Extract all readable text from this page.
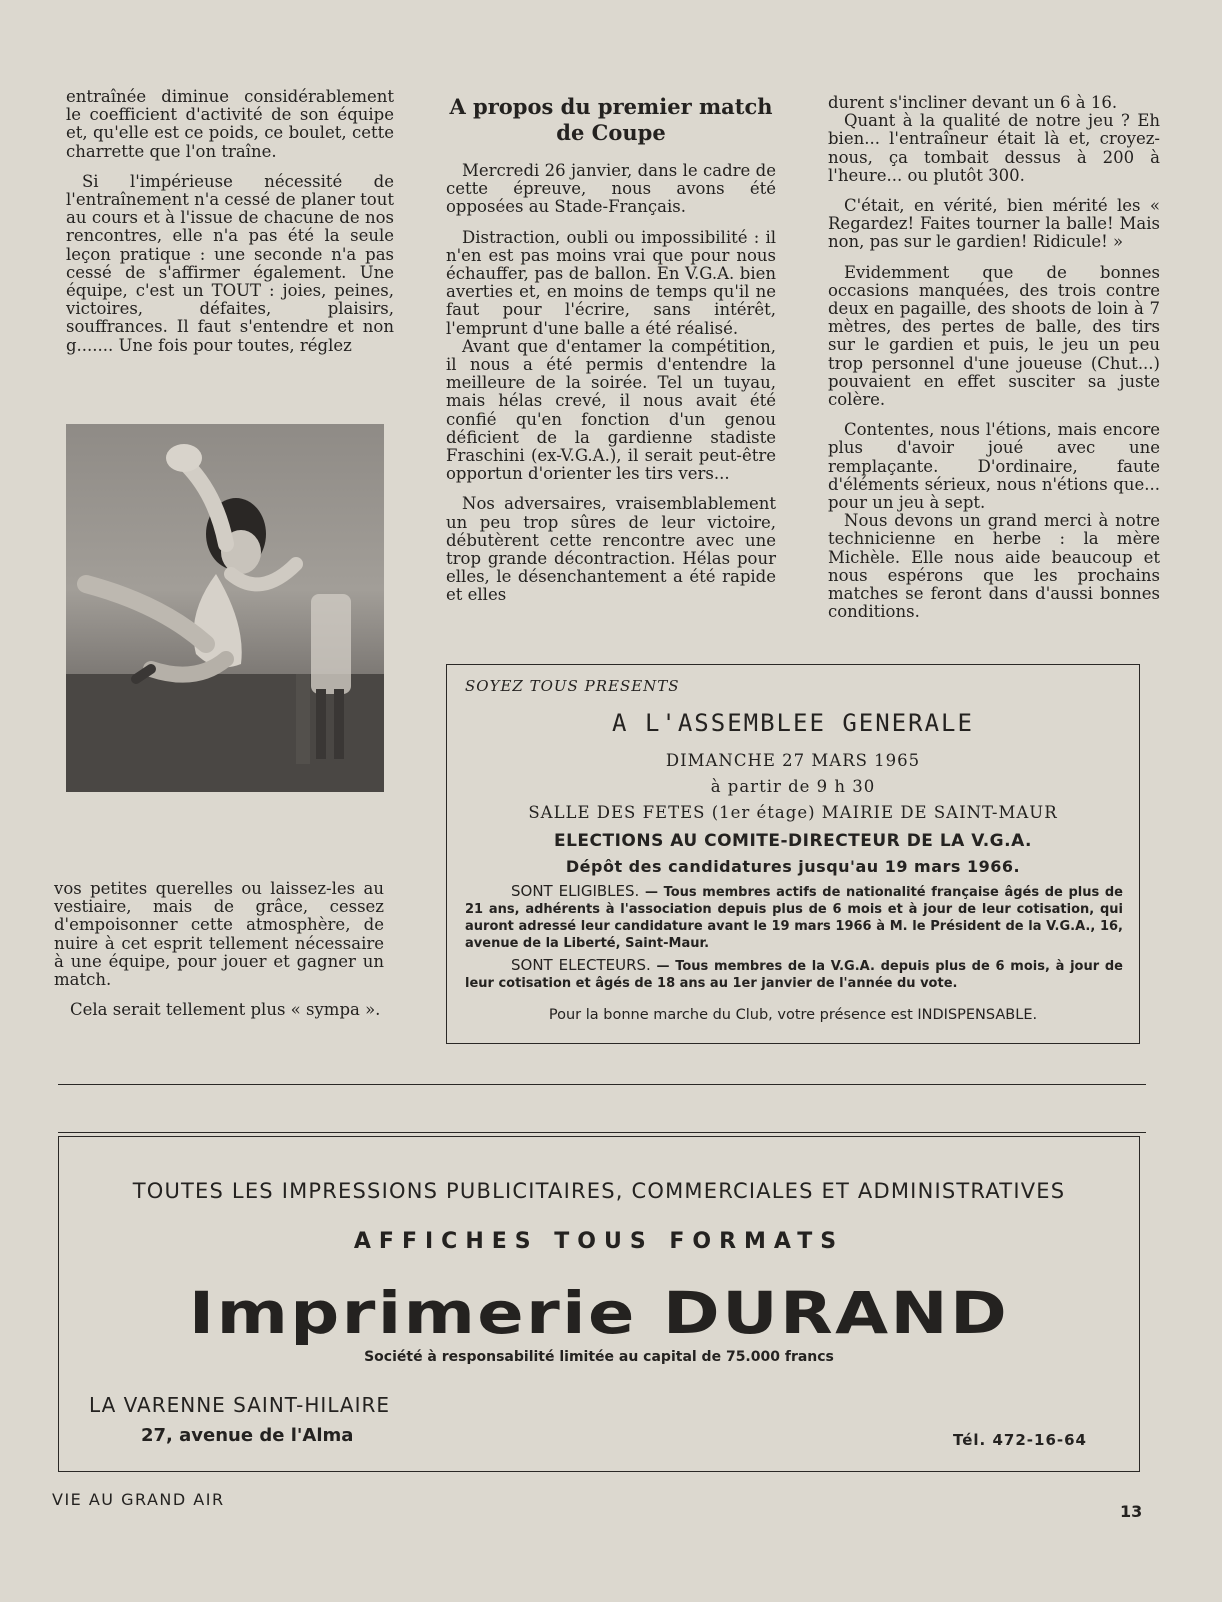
entraînée diminue considérablement le coefficient d'activité de son équipe et, qu'elle est ce poids, ce boulet, cette charrette que l'on traîne.

Si l'impérieuse nécessité de l'entraînement n'a cessé de planer tout au cours et à l'issue de chacune de nos rencontres, elle n'a pas été la seule leçon pratique : une seconde n'a pas cessé de s'affirmer également. Une équipe, c'est un TOUT : joies, peines, victoires, défaites, plaisirs, souffrances. Il faut s'entendre et non g....... Une fois pour toutes, réglez

vos petites querelles ou laissez-les au vestiaire, mais de grâce, cessez d'empoisonner cette atmosphère, de nuire à cet esprit tellement nécessaire à une équipe, pour jouer et gagner un match.

Cela serait tellement plus « sympa ».

A propos du premier match de Coupe

Mercredi 26 janvier, dans le cadre de cette épreuve, nous avons été opposées au Stade-Français.

Distraction, oubli ou impossibilité : il n'en est pas moins vrai que pour nous échauffer, pas de ballon. En V.G.A. bien averties et, en moins de temps qu'il ne faut pour l'écrire, sans intérêt, l'emprunt d'une balle a été réalisé.

Avant que d'entamer la compétition, il nous a été permis d'entendre la meilleure de la soirée. Tel un tuyau, mais hélas crevé, il nous avait été confié qu'en fonction d'un genou déficient de la gardienne stadiste Fraschini (ex-V.G.A.), il serait peut-être opportun d'orienter les tirs vers...

Nos adversaires, vraisemblablement un peu trop sûres de leur victoire, débutèrent cette rencontre avec une trop grande décontraction. Hélas pour elles, le désenchantement a été rapide et elles

durent s'incliner devant un 6 à 16.

Quant à la qualité de notre jeu ? Eh bien... l'entraîneur était là et, croyez-nous, ça tombait dessus à 200 à l'heure... ou plutôt 300.

C'était, en vérité, bien mérité les « Regardez! Faites tourner la balle! Mais non, pas sur le gardien! Ridicule! »

Evidemment que de bonnes occasions manquées, des trois contre deux en pagaille, des shoots de loin à 7 mètres, des pertes de balle, des tirs sur le gardien et puis, le jeu un peu trop personnel d'une joueuse (Chut...) pouvaient en effet susciter sa juste colère.

Contentes, nous l'étions, mais encore plus d'avoir joué avec une remplaçante. D'ordinaire, faute d'éléments sérieux, nous n'étions que... pour un jeu à sept.

Nous devons un grand merci à notre technicienne en herbe : la mère Michèle. Elle nous aide beaucoup et nous espérons que les prochains matches se feront dans d'aussi bonnes conditions.

SOYEZ TOUS PRESENTS
A L'ASSEMBLEE GENERALE
DIMANCHE 27 MARS 1965
à partir de 9 h 30
SALLE DES FETES (1er étage) MAIRIE DE SAINT-MAUR
ELECTIONS AU COMITE-DIRECTEUR DE LA V.G.A.
Dépôt des candidatures jusqu'au 19 mars 1966.
SONT ELIGIBLES. — Tous membres actifs de nationalité française âgés de plus de 21 ans, adhérents à l'association depuis plus de 6 mois et à jour de leur cotisation, qui auront adressé leur candidature avant le 19 mars 1966 à M. le Président de la V.G.A., 16, avenue de la Liberté, Saint-Maur.
SONT ELECTEURS. — Tous membres de la V.G.A. depuis plus de 6 mois, à jour de leur cotisation et âgés de 18 ans au 1er janvier de l'année du vote.
Pour la bonne marche du Club, votre présence est INDISPENSABLE.
TOUTES LES IMPRESSIONS PUBLICITAIRES, COMMERCIALES ET ADMINISTRATIVES
AFFICHES TOUS FORMATS
Imprimerie DURAND
Société à responsabilité limitée au capital de 75.000 francs
LA VARENNE SAINT-HILAIRE
27, avenue de l'Alma	Tél. 472-16-64
VIE AU GRAND AIR
13
